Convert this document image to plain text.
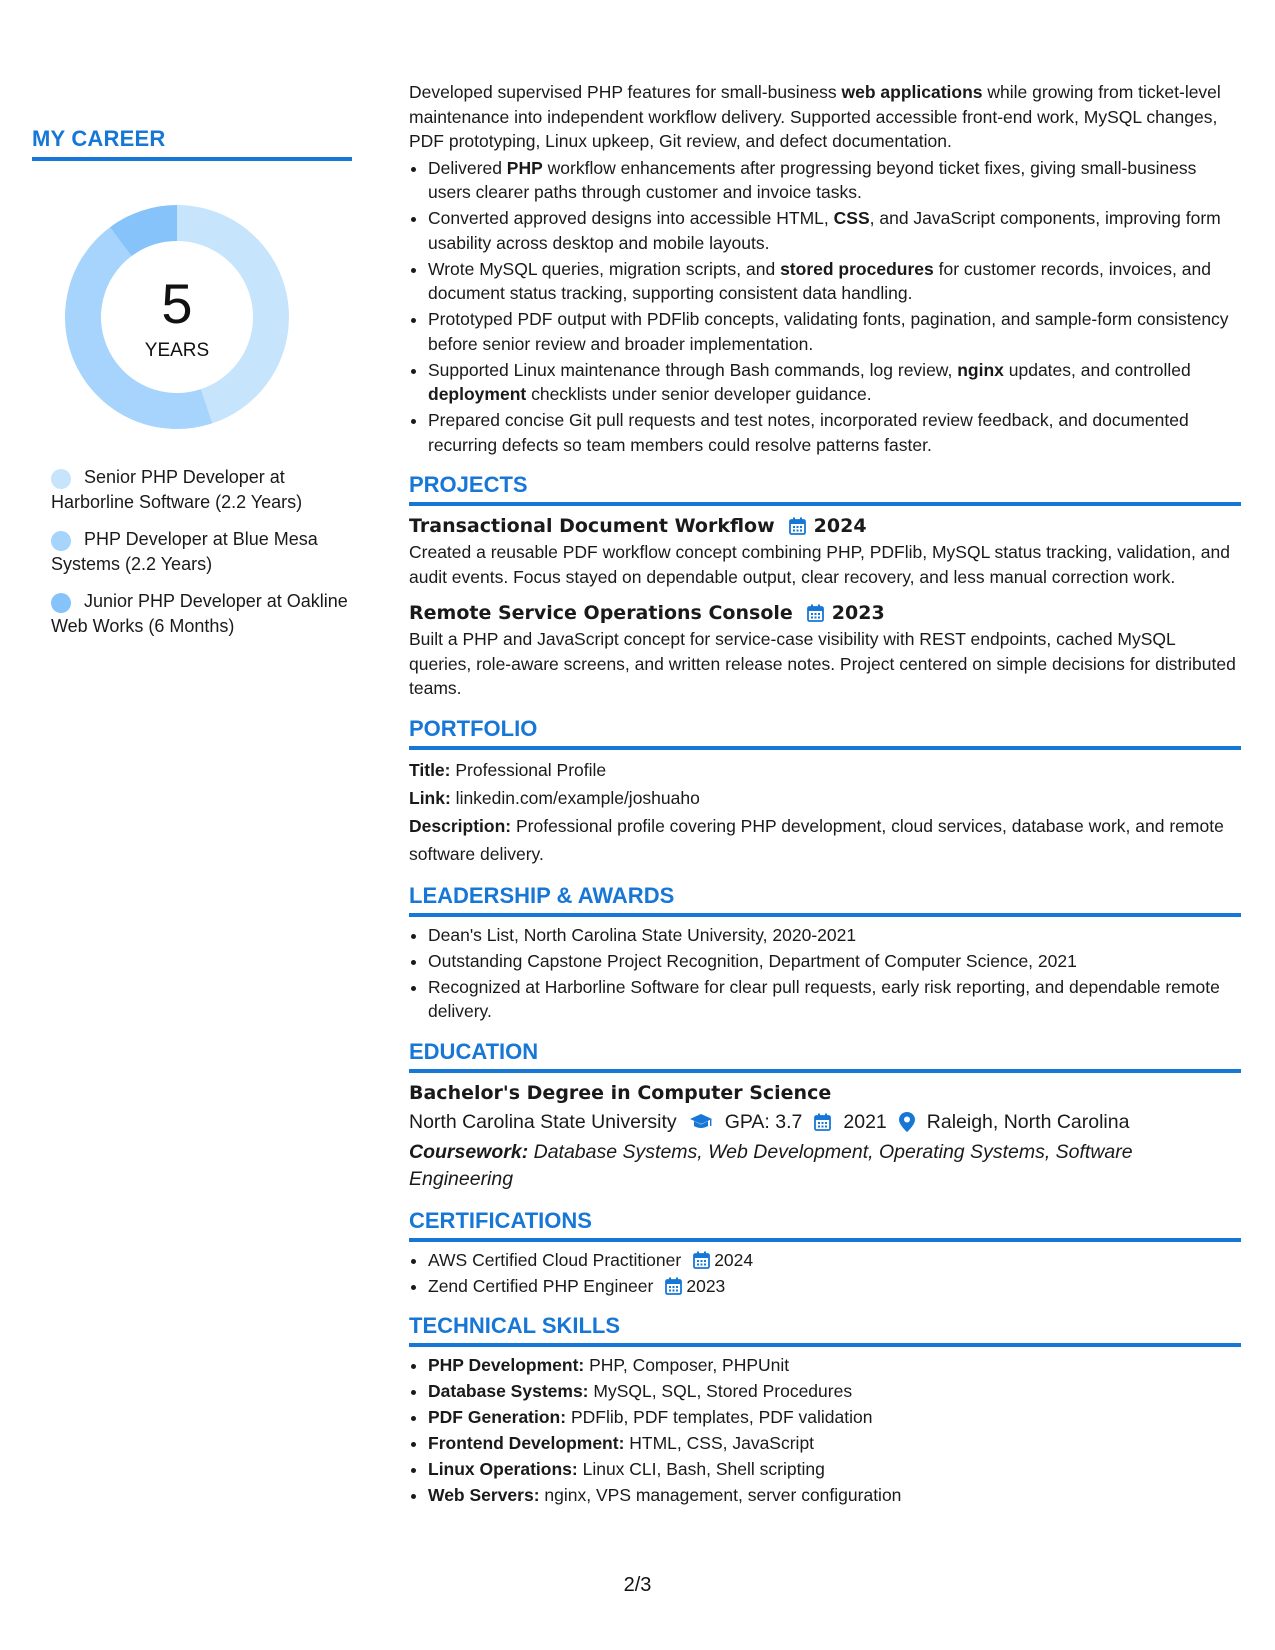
MY CAREER
5
YEARS
Senior PHP Developer at Harborline Software (2.2 Years)
PHP Developer at Blue Mesa Systems (2.2 Years)
Junior PHP Developer at Oakline Web Works (6 Months)

Developed supervised PHP features for small-business web applications while growing from ticket-level maintenance into independent workflow delivery. Supported accessible front-end work, MySQL changes, PDF prototyping, Linux upkeep, Git review, and defect documentation.

• Delivered PHP workflow enhancements after progressing beyond ticket fixes, giving small-business users clearer paths through customer and invoice tasks.
• Converted approved designs into accessible HTML, CSS, and JavaScript components, improving form usability across desktop and mobile layouts.
• Wrote MySQL queries, migration scripts, and stored procedures for customer records, invoices, and document status tracking, supporting consistent data handling.
• Prototyped PDF output with PDFlib concepts, validating fonts, pagination, and sample-form consistency before senior review and broader implementation.
• Supported Linux maintenance through Bash commands, log review, nginx updates, and controlled deployment checklists under senior developer guidance.
• Prepared concise Git pull requests and test notes, incorporated review feedback, and documented recurring defects so team members could resolve patterns faster.
PROJECTS
Transactional Document Workflow 2024

Created a reusable PDF workflow concept combining PHP, PDFlib, MySQL status tracking, validation, and audit events. Focus stayed on dependable output, clear recovery, and less manual correction work.

Remote Service Operations Console 2023

Built a PHP and JavaScript concept for service-case visibility with REST endpoints, cached MySQL queries, role-aware screens, and written release notes. Project centered on simple decisions for distributed teams.

PORTFOLIO

Title: Professional Profile

Link: linkedin.com/example/joshuaho

Description: Professional profile covering PHP development, cloud services, database work, and remote software delivery.

LEADERSHIP & AWARDS
• Dean's List, North Carolina State University, 2020-2021
• Outstanding Capstone Project Recognition, Department of Computer Science, 2021
• Recognized at Harborline Software for clear pull requests, early risk reporting, and dependable remote delivery.
EDUCATION
Bachelor's Degree in Computer Science
North Carolina State University GPA: 3.7 2021 Raleigh, North Carolina
Coursework: Database Systems, Web Development, Operating Systems, Software Engineering
CERTIFICATIONS
• AWS Certified Cloud Practitioner 2024
• Zend Certified PHP Engineer 2023
TECHNICAL SKILLS
• PHP Development: PHP, Composer, PHPUnit
• Database Systems: MySQL, SQL, Stored Procedures
• PDF Generation: PDFlib, PDF templates, PDF validation
• Frontend Development: HTML, CSS, JavaScript
• Linux Operations: Linux CLI, Bash, Shell scripting
• Web Servers: nginx, VPS management, server configuration
2/3
